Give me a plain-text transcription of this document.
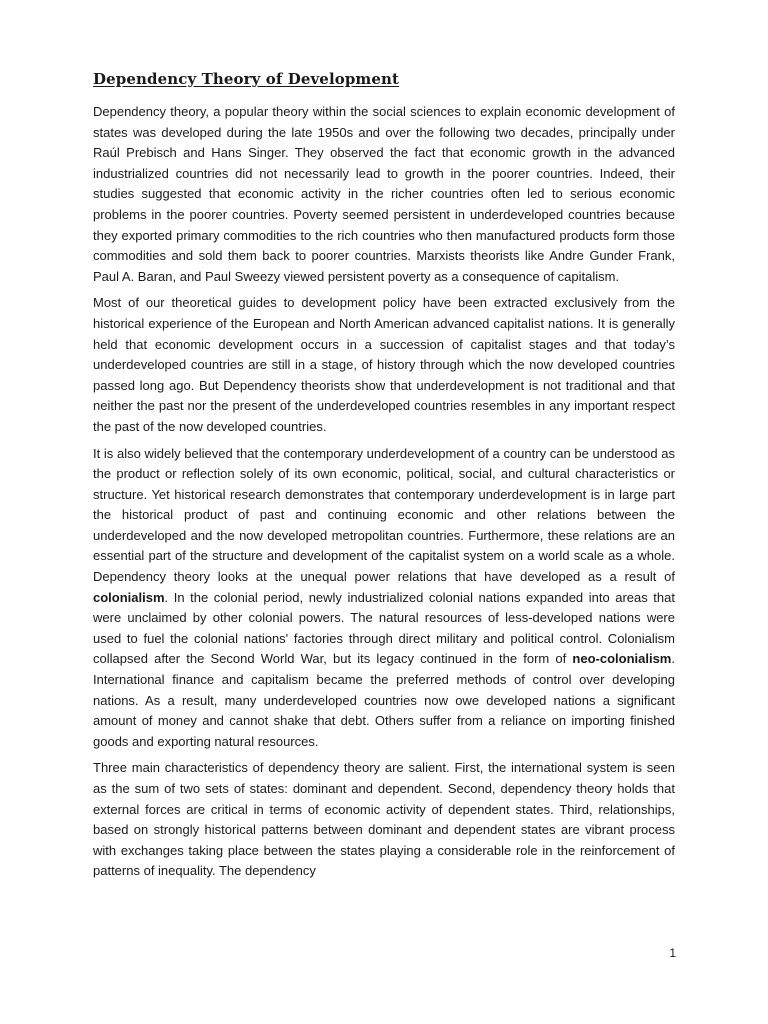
Dependency Theory of Development

Dependency theory, a popular theory within the social sciences to explain economic development of states was developed during the late 1950s and over the following two decades, principally under Raúl Prebisch and Hans Singer. They observed the fact that economic growth in the advanced industrialized countries did not necessarily lead to growth in the poorer countries. Indeed, their studies suggested that economic activity in the richer countries often led to serious economic problems in the poorer countries. Poverty seemed persistent in underdeveloped countries because they exported primary commodities to the rich countries who then manufactured products form those commodities and sold them back to poorer countries. Marxists theorists like Andre Gunder Frank, Paul A. Baran, and Paul Sweezy viewed persistent poverty as a consequence of capitalism.

Most of our theoretical guides to development policy have been extracted exclusively from the historical experience of the European and North American advanced capitalist nations. It is generally held that economic development occurs in a succession of capitalist stages and that today’s underdeveloped countries are still in a stage, of history through which the now developed countries passed long ago. But Dependency theorists show that underdevelopment is not traditional and that neither the past nor the present of the underdeveloped countries resembles in any important respect the past of the now developed countries.

It is also widely believed that the contemporary underdevelopment of a country can be understood as the product or reflection solely of its own economic, political, social, and cultural characteristics or structure. Yet historical research demonstrates that contemporary underdevelopment is in large part the historical product of past and continuing economic and other relations between the underdeveloped and the now developed metropolitan countries. Furthermore, these relations are an essential part of the structure and development of the capitalist system on a world scale as a whole. Dependency theory looks at the unequal power relations that have developed as a result of colonialism. In the colonial period, newly industrialized colonial nations expanded into areas that were unclaimed by other colonial powers. The natural resources of less-developed nations were used to fuel the colonial nations' factories through direct military and political control. Colonialism collapsed after the Second World War, but its legacy continued in the form of neo-colonialism. International finance and capitalism became the preferred methods of control over developing nations. As a result, many underdeveloped countries now owe developed nations a significant amount of money and cannot shake that debt. Others suffer from a reliance on importing finished goods and exporting natural resources.

Three main characteristics of dependency theory are salient. First, the international system is seen as the sum of two sets of states: dominant and dependent. Second, dependency theory holds that external forces are critical in terms of economic activity of dependent states. Third, relationships, based on strongly historical patterns between dominant and dependent states are vibrant process with exchanges taking place between the states playing a considerable role in the reinforcement of patterns of inequality. The dependency

1
